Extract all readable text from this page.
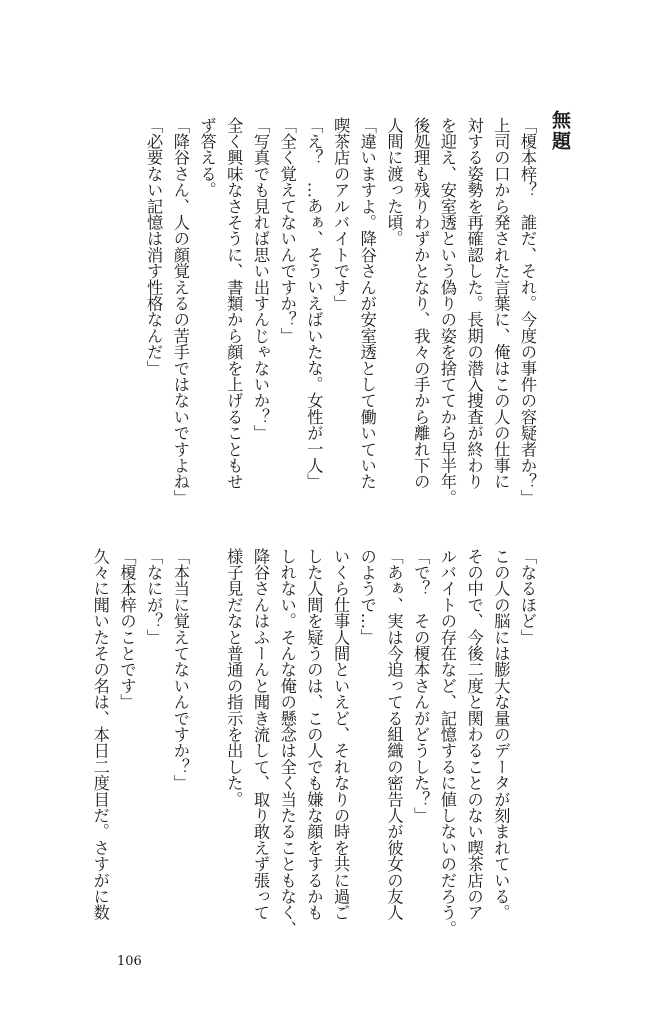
無題
「榎本梓？　誰だ、それ。今度の事件の容疑者か？」
上司の口から発された言葉に、俺はこの人の仕事に
対する姿勢を再確認した。長期の潜入捜査が終わり
を迎え、安室透という偽りの姿を捨ててから早半年。
後処理も残りわずかとなり、我々の手から離れ下の
人間に渡った頃。
「違いますよ。降谷さんが安室透として働いていた
喫茶店のアルバイトです」
「え？　…あぁ、そういえばいたな。女性が一人」
「全く覚えてないんですか？」
「写真でも見れば思い出すんじゃないか？」
全く興味なさそうに、書類から顔を上げることもせ
ず答える。
「降谷さん、人の顔覚えるの苦手ではないですよね」
「必要ない記憶は消す性格なんだ」
「なるほど」
この人の脳には膨大な量のデータが刻まれている。
その中で、今後二度と関わることのない喫茶店のア
ルバイトの存在など、記憶するに値しないのだろう。
「で？　その榎本さんがどうした？」
「あぁ、実は今追ってる組織の密告人が彼女の友人
のようで…」
いくら仕事人間といえど、それなりの時を共に過ご
した人間を疑うのは、この人でも嫌な顔をするかも
しれない。そんな俺の懸念は全く当たることもなく、
降谷さんはふーんと聞き流して、取り敢えず張って
様子見だなと普通の指示を出した。

「本当に覚えてないんですか？」
「なにが？」
「榎本梓のことです」
久々に聞いたその名は、本日二度目だ。さすがに数
106
